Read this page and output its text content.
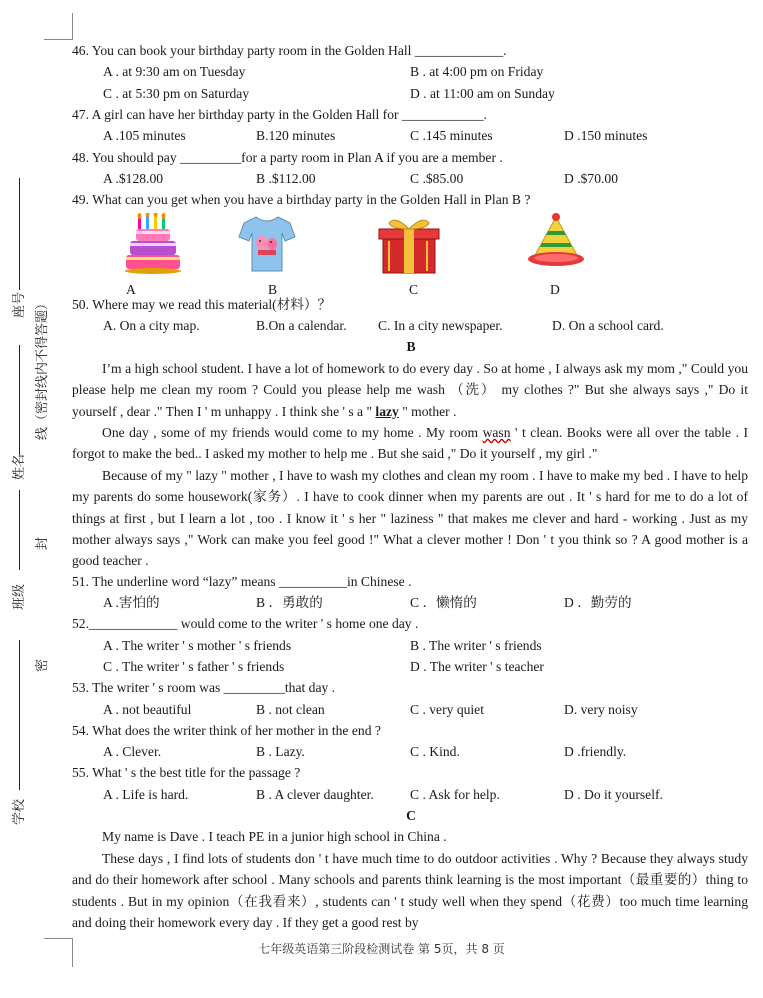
座号 线（密封线内不得答题）
姓名
封
班级
密
学校
46. You can book your birthday party room in the Golden Hall _____________.
A . at 9:30 am on Tuesday	B . at 4:00 pm on Friday
C . at 5:30 pm on Saturday	D . at 11:00 am on Sunday
47. A girl can have her birthday party in the Golden Hall for ____________.
A .105 minutes	B.120 minutes	C .145 minutes	D .150 minutes
48. You should pay _________for a party room in Plan A if you are a member .
A .$128.00	B .$112.00	C .$85.00	D .$70.00
49. What can you get when you have a birthday party in the Golden Hall in Plan B ?
A	B	C	D
50. Where may we read this material(材料）？
A. On a city map.	B.On a calendar. C. In a city newspaper.	D. On a school card.
B
I’m a high school student. I have a lot of homework to do every day . So at home , I always ask my mom ," Could you please help me clean my room ? Could you please help me wash （洗） my clothes ?" But she always says ," Do it yourself , dear ." Then I ' m unhappy . I think she ' s a " lazy " mother .
One day , some of my friends would come to my home . My room wasn ' t clean. Books were all over the table . I forgot to make the bed.. I asked my mother to help me . But she said ," Do it yourself , my girl ."
Because of my " lazy " mother , I have to wash my clothes and clean my room . I have to make my bed . I have to help my parents do some housework(家务）. I have to cook dinner when my parents are out . It ' s hard for me to do a lot of things at first , but I learn a lot , too . I know it ' s her " laziness " that makes me clever and hard - working . Just as my mother always says ," Work can make you feel good !" What a clever mother ! Don ' t you think so ? A good mother is a good teacher .
51. The underline word “lazy” means __________in Chinese .
A .害怕的	B ．勇敢的	C ．懒惰的	D ．勤劳的
52._____________ would come to the writer ' s home one day .
A . The writer ' s mother ' s friends	B . The writer ' s friends
C . The writer ' s father ' s friends	D . The writer ' s teacher
53. The writer ' s room was _________that day .
A . not beautiful	B . not clean	C . very quiet	D. very noisy
54. What does the writer think of her mother in the end ?
A . Clever.	B . Lazy.	C . Kind.	D .friendly.
55. What ' s the best title for the passage ?
A . Life is hard.	B . A clever daughter.	C . Ask for help.	D . Do it yourself.
C
My name is Dave . I teach PE in a junior high school in China .
These days , I find lots of students don ' t have much time to do outdoor activities . Why ? Because they always study and do their homework after school . Many schools and parents think learning is the most important（最重要的）thing to students . But in my opinion（在我看来）, students can ' t study well when they spend（花费）too much time learning and doing their homework every day . If they get a good rest by
七年级英语第三阶段检测试卷 第 5页，共 8 页
